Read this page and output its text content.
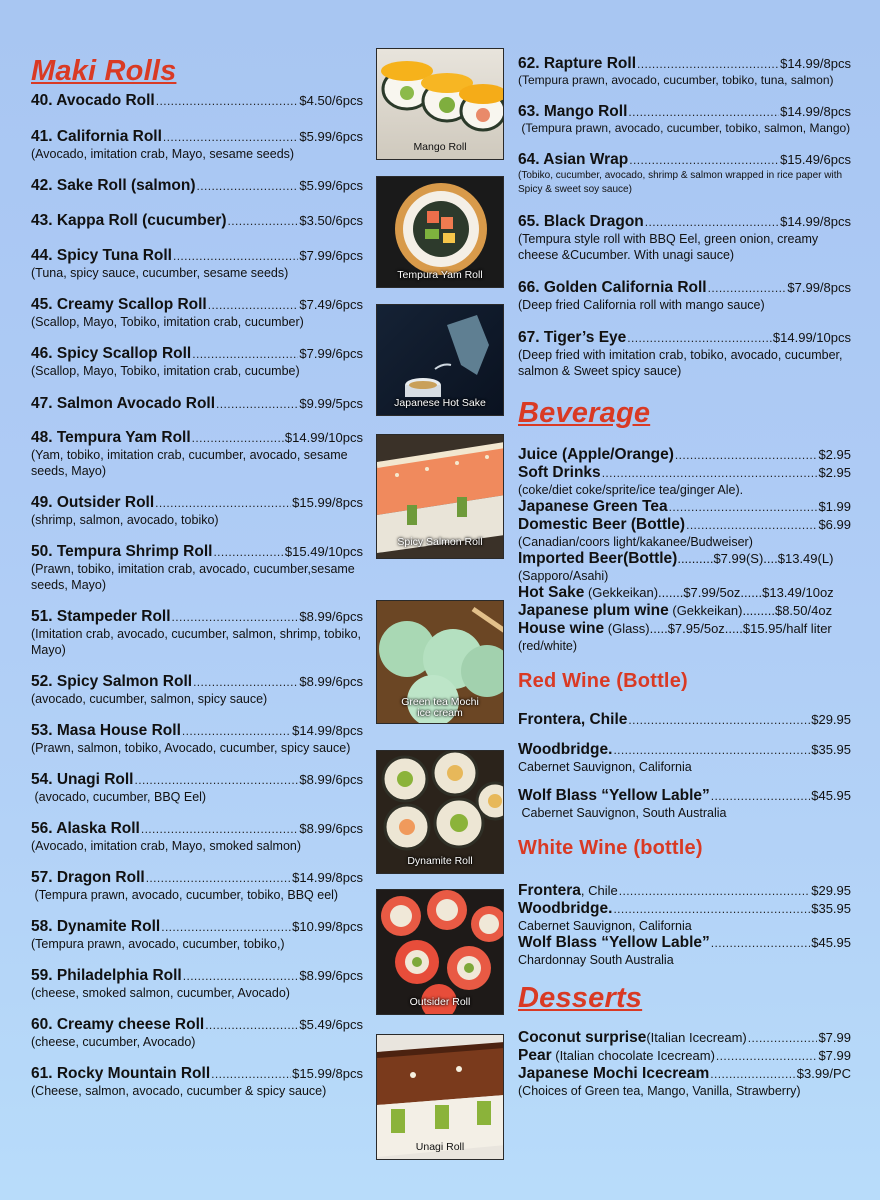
Maki Rolls
40. Avocado Roll .....	$4.50/6pcs
41. California Roll .....	$5.99/6pcs
(Avocado, imitation crab, Mayo, sesame seeds)
42. Sake Roll (salmon) .....	$5.99/6pcs
43. Kappa Roll (cucumber) .....	$3.50/6pcs
44. Spicy Tuna Roll .....	$7.99/6pcs
(Tuna, spicy sauce, cucumber, sesame seeds)
45. Creamy Scallop Roll .....	$7.49/6pcs
(Scallop, Mayo, Tobiko, imitation crab, cucumber)
46. Spicy Scallop Roll .....	$7.99/6pcs
(Scallop, Mayo, Tobiko, imitation crab, cucumbe)
47. Salmon Avocado Roll .....	$9.99/5pcs
48. Tempura Yam Roll .....	$14.99/10pcs
(Yam, tobiko, imitation crab, cucumber, avocado, sesame seeds, Mayo)
49. Outsider Roll .....	$15.99/8pcs
(shrimp, salmon, avocado, tobiko)
50. Tempura Shrimp Roll .....	$15.49/10pcs
(Prawn, tobiko, imitation crab, avocado, cucumber,sesame seeds, Mayo)
51. Stampeder Roll .....	$8.99/6pcs
(Imitation crab, avocado, cucumber, salmon, shrimp, tobiko, Mayo)
52. Spicy Salmon Roll .....	$8.99/6pcs
(avocado, cucumber, salmon, spicy sauce)
53. Masa House Roll .....	$14.99/8pcs
(Prawn, salmon, tobiko, Avocado, cucumber, spicy sauce)
54. Unagi Roll .....	$8.99/6pcs
(avocado, cucumber, BBQ Eel)
56. Alaska Roll .....	$8.99/6pcs
(Avocado, imitation crab, Mayo, smoked salmon)
57. Dragon Roll .....	$14.99/8pcs
(Tempura prawn, avocado, cucumber, tobiko, BBQ eel)
58. Dynamite Roll .....	$10.99/8pcs
(Tempura prawn, avocado, cucumber, tobiko,)
59. Philadelphia Roll .....	$8.99/6pcs
(cheese, smoked salmon, cucumber, Avocado)
60. Creamy cheese Roll .....	$5.49/6pcs
(cheese, cucumber, Avocado)
61. Rocky Mountain Roll .....	$15.99/8pcs
(Cheese, salmon, avocado, cucumber & spicy sauce)
Mango Roll
Tempura Yam Roll
Japanese Hot Sake
Spicy Salmon Roll
Green tea Mochi ice cream
Dynamite Roll
Outsider Roll
Unagi Roll
62. Rapture Roll .....	$14.99/8pcs
(Tempura prawn, avocado, cucumber, tobiko, tuna, salmon)
63. Mango Roll .....	$14.99/8pcs
(Tempura prawn, avocado, cucumber, tobiko, salmon, Mango)
64. Asian Wrap .....	$15.49/6pcs
(Tobiko, cucumber, avocado, shrimp & salmon wrapped in rice paper with Spicy & sweet soy sauce)
65. Black Dragon .....	$14.99/8pcs
(Tempura style roll with BBQ Eel, green onion, creamy cheese &Cucumber. With unagi sauce)
66. Golden California Roll .....	$7.99/8pcs
(Deep fried California roll with mango sauce)
67. Tiger’s Eye .....	$14.99/10pcs
(Deep fried with imitation crab, tobiko, avocado, cucumber, salmon & Sweet spicy sauce)
Beverage
Juice (Apple/Orange) .....	$2.95
Soft Drinks .....	$2.95
(coke/diet coke/sprite/ice tea/ginger Ale).
Japanese Green Tea .....	$1.99
Domestic Beer (Bottle) .....	$6.99
(Canadian/coors light/kakanee/Budweiser)
Imported Beer(Bottle) ..........$7.99(S)....$13.49(L)
(Sapporo/Asahi)
Hot Sake (Gekkeikan) .......$7.99/5oz......$13.49/10oz
Japanese plum wine (Gekkeikan) .........$8.50/4oz
House wine (Glass) .....$7.95/5oz.....$15.95/half liter
(red/white)
Red Wine (Bottle)
Frontera, Chile .....	$29.95
Woodbridge. .....	$35.95
Cabernet Sauvignon, California
Wolf Blass “Yellow Lable” .....	$45.95
Cabernet Sauvignon, South Australia
White Wine (bottle)
Frontera , Chile .....	$29.95
Woodbridge. .....	$35.95
Cabernet Sauvignon, California
Wolf Blass “Yellow Lable” .....	$45.95
Chardonnay South Australia
Desserts
Coconut surprise (Italian Icecream) .....	$7.99
Pear (Italian chocolate Icecream) .....	$7.99
Japanese Mochi Icecream .....	$3.99/PC
(Choices of Green tea, Mango, Vanilla, Strawberry)
